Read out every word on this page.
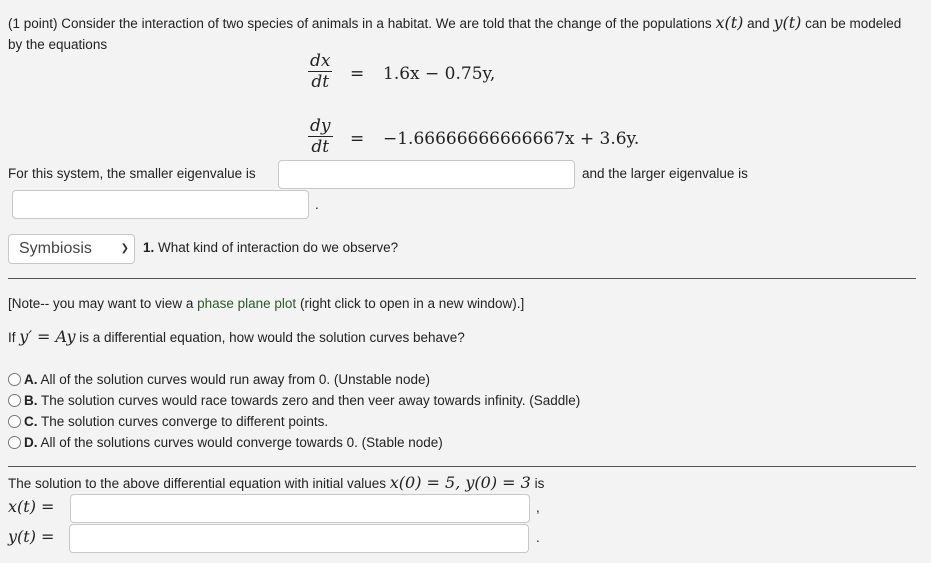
(1 point) Consider the interaction of two species of animals in a habitat. We are told that the change of the populations x(t) and y(t) can be modeled by the equations
$\frac{dx}{dt} = 1.6x - 0.75y$,
$\frac{dy}{dt} = -1.66666666666667x + 3.6y$.
For this system, the smaller eigenvalue is	and the larger eigenvalue is
.
Symbiosis	❯ 1. What kind of interaction do we observe?
[Note-- you may want to view a phase plane plot (right click to open in a new window).]
If y′ = Ay is a differential equation, how would the solution curves behave?
A. All of the solution curves would run away from 0. (Unstable node)
B. The solution curves would race towards zero and then veer away towards infinity. (Saddle)
C. The solution curves converge to different points.
D. All of the solutions curves would converge towards 0. (Stable node)
The solution to the above differential equation with initial values x(0) = 5, y(0) = 3 is
x(t) =	,
y(t) =	.
